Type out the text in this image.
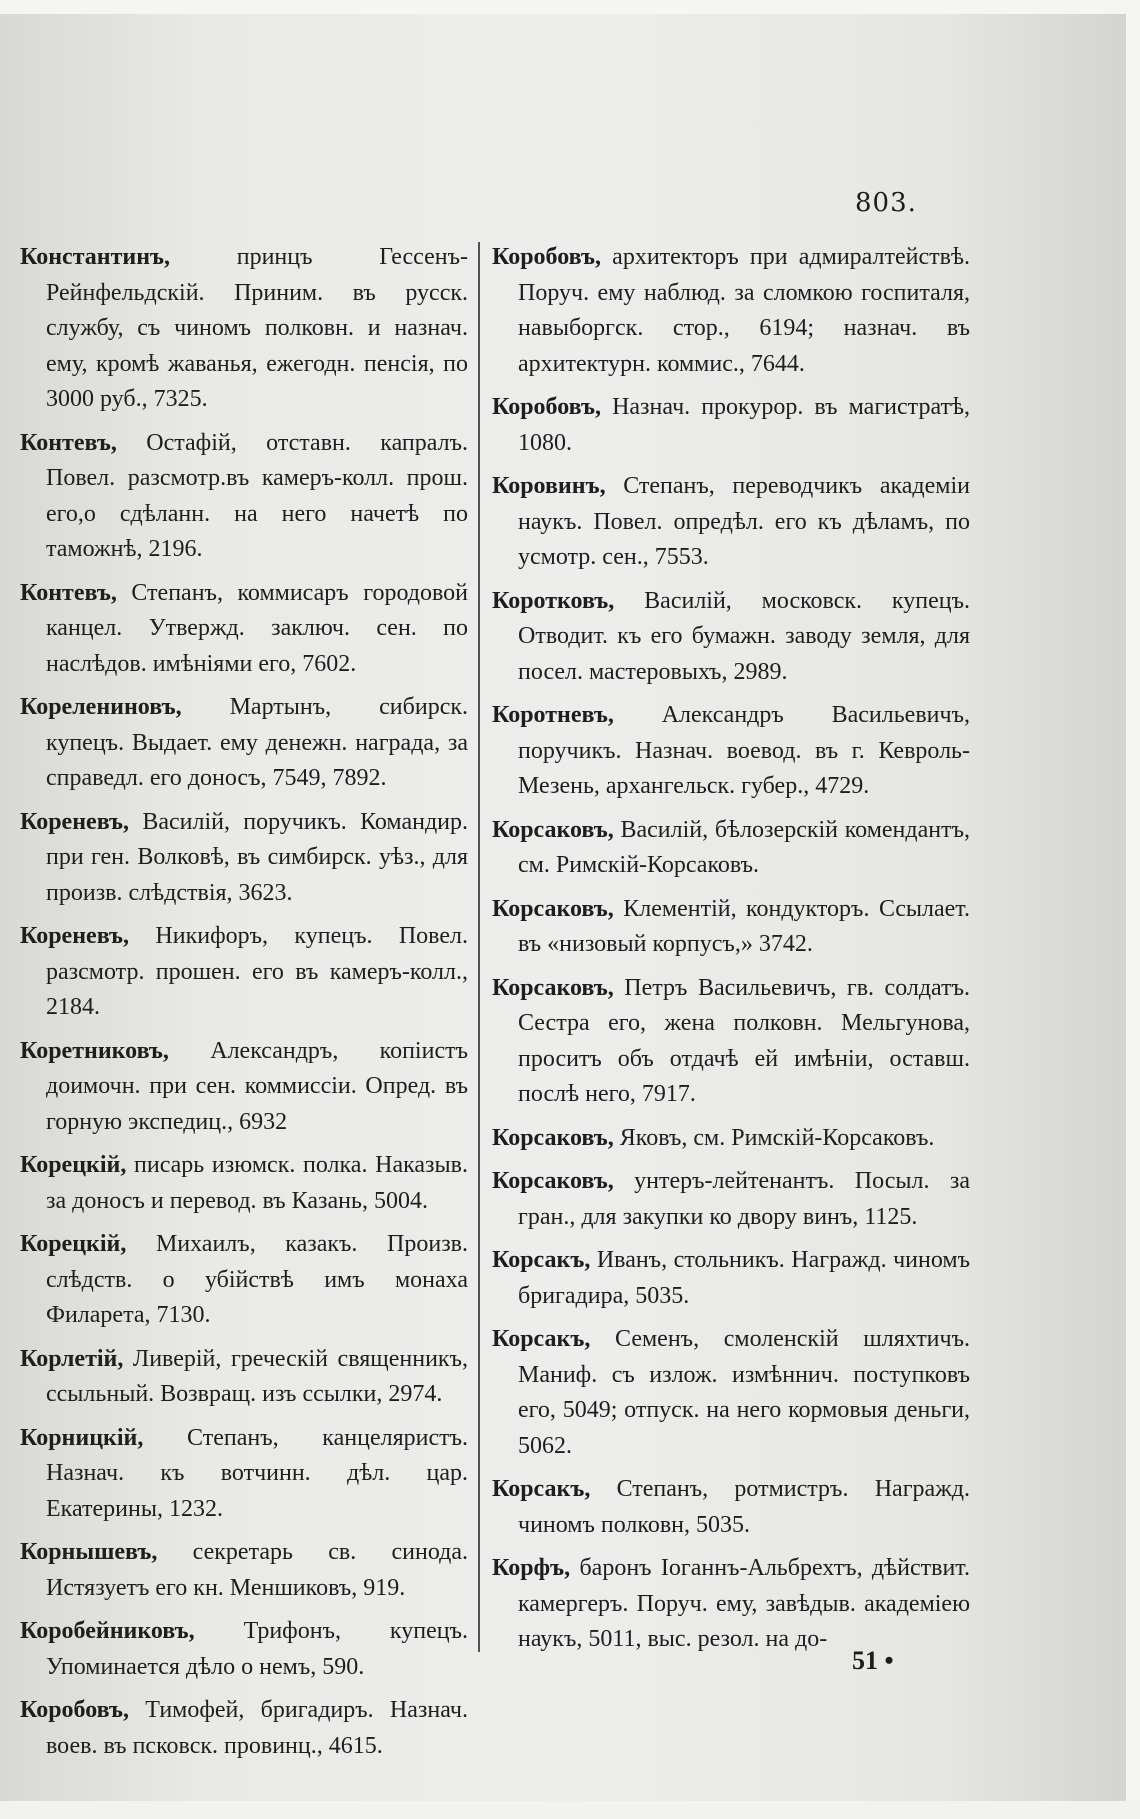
803.

Константинъ, принцъ Гессенъ-Рейнфельдскій. Приним. въ русск. службу, съ чиномъ полковн. и назнач. ему, кромѣ жаванья, ежегодн. пенсія, по 3000 руб., 7325.

Контевъ, Остафій, отставн. капралъ. Повел. разсмотр.въ камеръ-колл. прош. его,о сдѣланн. на него начетѣ по таможнѣ, 2196.

Контевъ, Степанъ, коммисаръ городовой канцел. Утвержд. заключ. сен. по наслѣдов. имѣніями его, 7602.

Корелениновъ, Мартынъ, сибирск. купецъ. Выдает. ему денежн. награда, за справедл. его доносъ, 7549, 7892.

Кореневъ, Василій, поручикъ. Командир. при ген. Волковѣ, въ симбирск. уѣз., для произв. слѣдствія, 3623.

Кореневъ, Никифоръ, купецъ. Повел. разсмотр. прошен. его въ камеръ-колл., 2184.

Коретниковъ, Александръ, копіистъ доимочн. при сен. коммиссіи. Опред. въ горную экспедиц., 6932

Корецкій, писарь изюмск. полка. Наказыв. за доносъ и перевод. въ Казань, 5004.

Корецкій, Михаилъ, казакъ. Произв. слѣдств. о убійствѣ имъ монаха Филарета, 7130.

Корлетій, Ливерій, греческій священникъ, ссыльный. Возвращ. изъ ссылки, 2974.

Корницкій, Степанъ, канцеляристъ. Назнач. къ вотчинн. дѣл. цар. Екатерины, 1232.

Корнышевъ, секретарь св. синода. Истязуетъ его кн. Меншиковъ, 919.

Коробейниковъ, Трифонъ, купецъ. Упоминается дѣло о немъ, 590.

Коробовъ, Тимофей, бригадиръ. Назнач. воев. въ псковск. провинц., 4615.

Коробовъ, архитекторъ при адмиралтействѣ. Поруч. ему наблюд. за сломкою госпиталя, навыборгск. стор., 6194; назнач. въ архитектурн. коммис., 7644.

Коробовъ, Назнач. прокурор. въ магистратѣ, 1080.

Коровинъ, Степанъ, переводчикъ академіи наукъ. Повел. опредѣл. его къ дѣламъ, по усмотр. сен., 7553.

Коротковъ, Василій, московск. купецъ. Отводит. къ его бумажн. заводу земля, для посел. мастеровыхъ, 2989.

Коротневъ, Александръ Васильевичъ, поручикъ. Назнач. воевод. въ г. Кевроль-Мезень, архангельск. губер., 4729.

Корсаковъ, Василій, бѣлозерскій комендантъ, см. Римскій-Корсаковъ.

Корсаковъ, Клементій, кондукторъ. Ссылает. въ «низовый корпусъ,» 3742.

Корсаковъ, Петръ Васильевичъ, гв. солдатъ. Сестра его, жена полковн. Мельгунова, проситъ объ отдачѣ ей имѣніи, оставш. послѣ него, 7917.

Корсаковъ, Яковъ, см. Римскій-Корсаковъ.

Корсаковъ, унтеръ-лейтенантъ. Посыл. за гран., для закупки ко двору винъ, 1125.

Корсакъ, Иванъ, стольникъ. Награжд. чиномъ бригадира, 5035.

Корсакъ, Семенъ, смоленскій шляхтичъ. Маниф. съ излож. измѣннич. поступковъ его, 5049; отпуск. на него кормовыя деньги, 5062.

Корсакъ, Степанъ, ротмистръ. Награжд. чиномъ полковн, 5035.

Корфъ, баронъ Іоганнъ-Альбрехтъ, дѣйствит. камергеръ. Поруч. ему, завѣдыв. академіею наукъ, 5011, выс. резол. на до-

51 •
